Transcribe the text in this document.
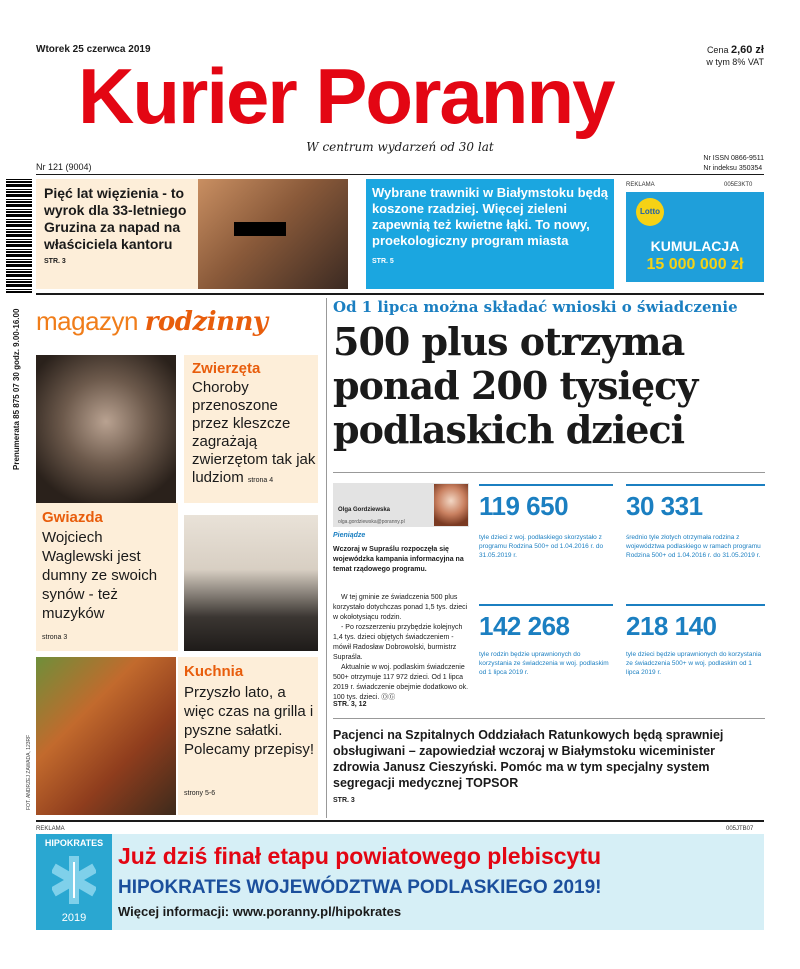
Wtorek 25 czerwca 2019	Cena 2,60 zł
w tym 8% VAT
Kurier Poranny
W centrum wydarzeń od 30 lat
Nr 121 (9004)
Nr ISSN 0866-9511
Nr indeksu 350354
Prenumerata 85 875 07 30 godz. 9.00-16.00
Pięć lat więzienia - to wyrok dla 33-letniego Gruzina za napad na właściciela kantoru
STR. 3
Wybrane trawniki w Białymstoku będą koszone rzadziej. Więcej zieleni zapewnią też kwietne łąki. To nowy, proekologiczny program miasta
STR. 5
REKLAMA	005E3KT0
Lotto
KUMULACJA
15 000 000 zł
magazyn rodzinny
Zwierzęta
Choroby przenoszone przez kleszcze zagrażają zwierzętom tak jak ludziom strona 4
Gwiazda
Wojciech Waglewski jest dumny ze swoich synów - też muzyków
strona 3
Kuchnia
Przyszło lato, a więc czas na grilla i pyszne sałatki. Polecamy przepisy!
strony 5-6
FOT. ANDRZEJ ZAWADA, 123RF
Od 1 lipca można składać wnioski o świadczenie
500 plus otrzyma ponad 200 tysięcy podlaskich dzieci
Olga Gordziewska
olga.gordziewska@poranny.pl
Pieniądze
Wczoraj w Supraślu rozpoczęła się wojewódzka kampania informacyjna na temat rządowego programu.

W tej gminie ze świadczenia 500 plus korzystało dotychczas ponad 1,5 tys. dzieci w okołotysiącu rodzin.

- Po rozszerzeniu przybędzie kolejnych 1,4 tys. dzieci objętych świadczeniem - mówił Radosław Dobrowolski, burmistrz Supraśla.

Aktualnie w woj. podlaskim świadczenie 500+ otrzymuje 117 972 dzieci. Od 1 lipca 2019 r. świadczenie obejmie dodatkowo ok. 100 tys. dzieci. ⓄⒼ

STR. 3, 12
119 650
tyle dzieci z woj. podlaskiego skorzystało z programu Rodzina 500+ od 1.04.2016 r. do 31.05.2019 r.
30 331
średnio tyle złotych otrzymała rodzina z województwa podlaskiego w ramach programu Rodzina 500+ od 1.04.2016 r. do 31.05.2019 r.
142 268
tyle rodzin będzie uprawnionych do korzystania ze świadczenia w woj. podlaskim od 1 lipca 2019 r.
218 140
tyle dzieci będzie uprawnionych do korzystania ze świadczenia 500+ w woj. podlaskim od 1 lipca 2019 r.
Pacjenci na Szpitalnych Oddziałach Ratunkowych będą sprawniej obsługiwani – zapowiedział wczoraj w Białymstoku wiceminister zdrowia Janusz Cieszyński. Pomóc ma w tym specjalny system segregacji medycznej TOPSOR
STR. 3
REKLAMA	005JTB07
HIPOKRATES
2019
Już dziś finał etapu powiatowego plebiscytu
HIPOKRATES WOJEWÓDZTWA PODLASKIEGO 2019!
Więcej informacji: www.poranny.pl/hipokrates
